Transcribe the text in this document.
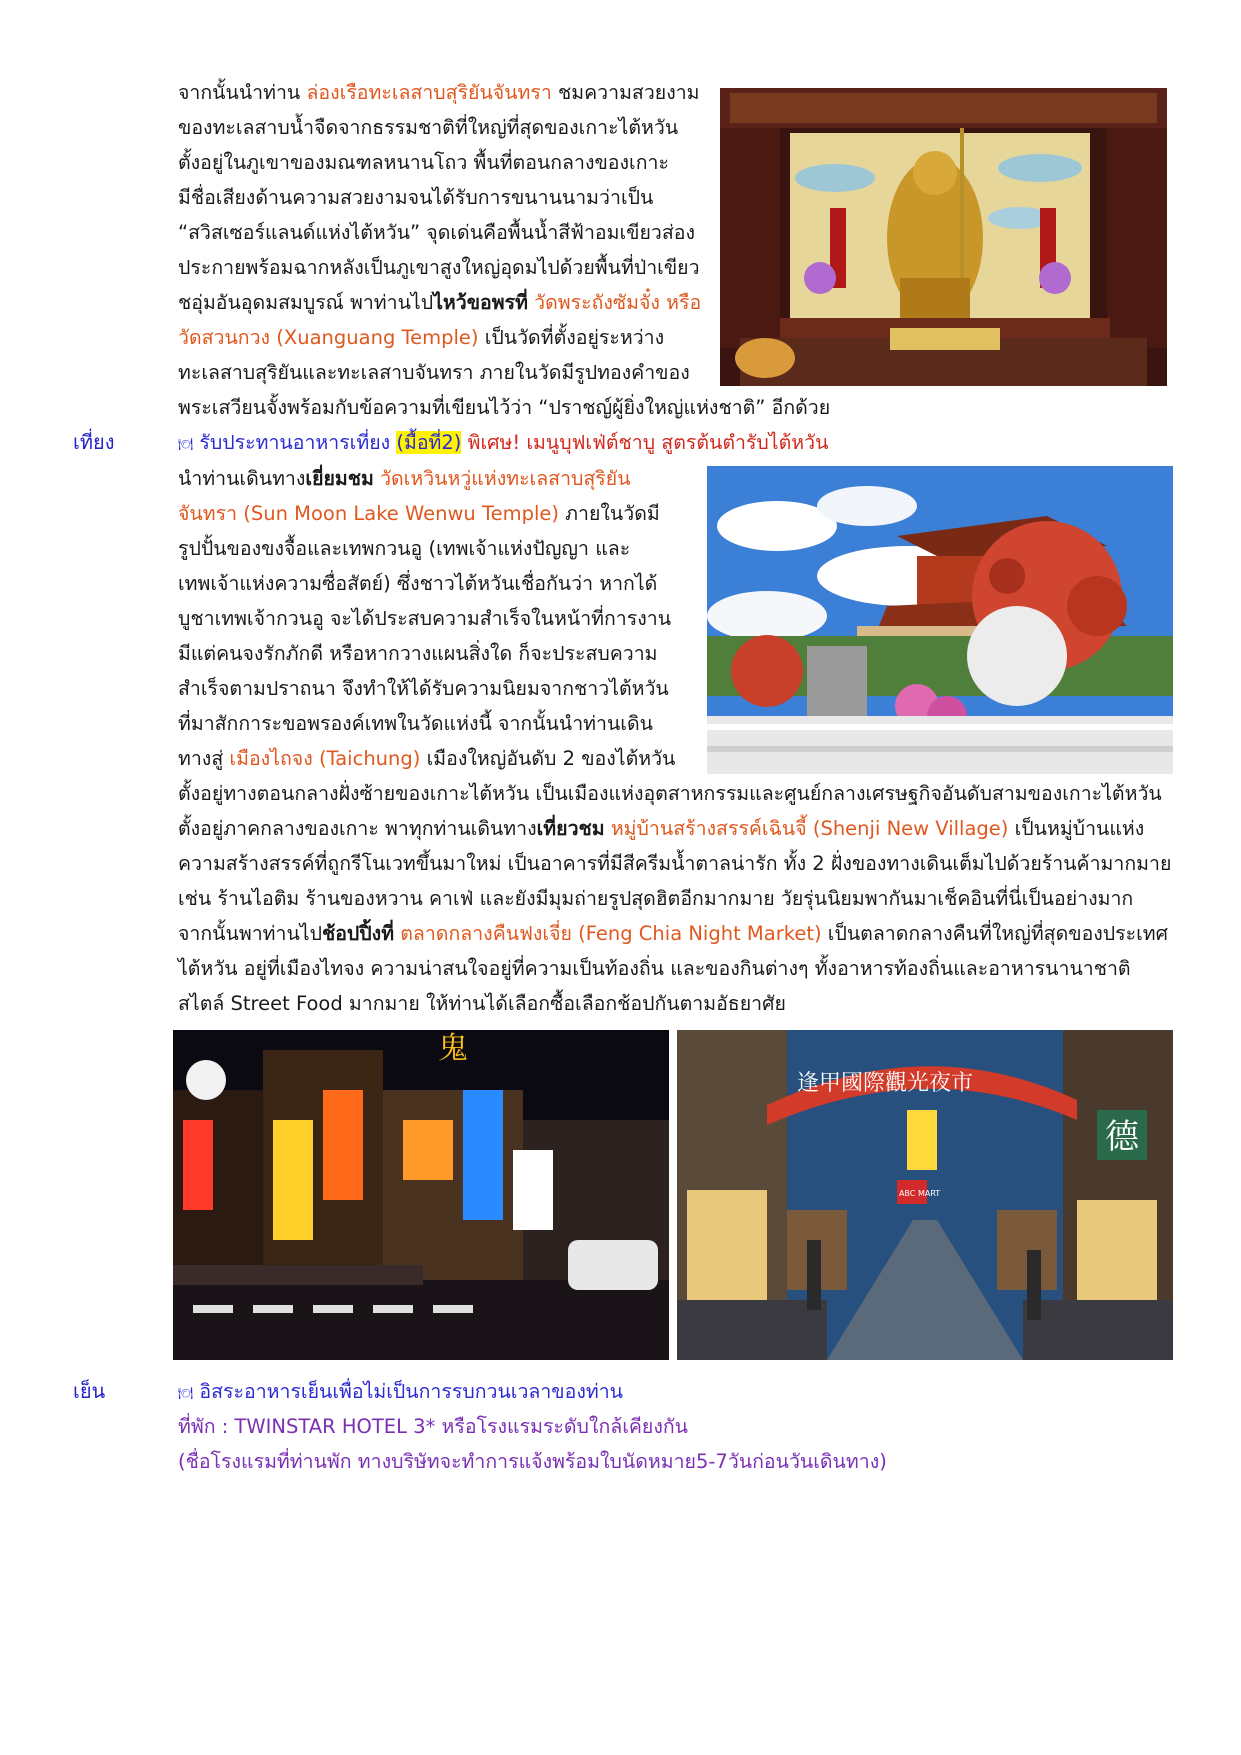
鬼
逢甲國際觀光夜市
ABC MART
德
จากนั้นนำท่าน ล่องเรือทะเลสาบสุริยันจันทรา ชมความสวยงามของทะเลสาบน้ำจืดจากธรรมชาติที่ใหญ่ที่สุดของเกาะไต้หวัน ตั้งอยู่ในภูเขาของมณฑลหนานโถว พื้นที่ตอนกลางของเกาะ มีชื่อเสียงด้านความสวยงามจนได้รับการขนานนามว่าเป็น “สวิสเซอร์แลนด์แห่งไต้หวัน” จุดเด่นคือพื้นน้ำสีฟ้าอมเขียวส่องประกายพร้อมฉากหลังเป็นภูเขาสูงใหญ่อุดมไปด้วยพื้นที่ป่าเขียวชอุ่มอันอุดมสมบูรณ์ พาท่านไปไหว้ขอพรที่ วัดพระถังซัมจั๋ง หรือ วัดสวนกวง (Xuanguang Temple) เป็นวัดที่ตั้งอยู่ระหว่างทะเลสาบสุริยันและทะเลสาบจันทรา ภายในวัดมีรูปทองคำของพระเสวียนจั้งพร้อมกับข้อความที่เขียนไว้ว่า “ปราชญ์ผู้ยิ่งใหญ่แห่งชาติ” อีกด้วย
เที่ยง	🍽 รับประทานอาหารเที่ยง (มื้อที่2) พิเศษ! เมนูบุฟเฟ่ต์ชาบู สูตรต้นตำรับไต้หวัน
นำท่านเดินทางเยี่ยมชม วัดเหวินหวู่แห่งทะเลสาบสุริยันจันทรา (Sun Moon Lake Wenwu Temple) ภายในวัดมีรูปปั้นของขงจื้อและเทพกวนอู (เทพเจ้าแห่งปัญญา และเทพเจ้าแห่งความซื่อสัตย์) ซึ่งชาวไต้หวันเชื่อกันว่า หากได้บูชาเทพเจ้ากวนอู จะได้ประสบความสำเร็จในหน้าที่การงาน มีแต่คนจงรักภักดี หรือหากวางแผนสิ่งใด ก็จะประสบความสำเร็จตามปราถนา จึงทำให้ได้รับความนิยมจากชาวไต้หวัน ที่มาสักการะขอพรองค์เทพในวัดแห่งนี้ จากนั้นนำท่านเดินทางสู่ เมืองไถจง (Taichung) เมืองใหญ่อันดับ 2 ของไต้หวัน ตั้งอยู่ทางตอนกลางฝั่งซ้ายของเกาะไต้หวัน เป็นเมืองแห่งอุตสาหกรรมและศูนย์กลางเศรษฐกิจอันดับสามของเกาะไต้หวัน ตั้งอยู่ภาคกลางของเกาะ พาทุกท่านเดินทางเที่ยวชม หมู่บ้านสร้างสรรค์เฉินจี้ (Shenji New Village) เป็นหมู่บ้านแห่งความสร้างสรรค์ที่ถูกรีโนเวทขึ้นมาใหม่ เป็นอาคารที่มีสีครีมน้ำตาลน่ารัก ทั้ง 2 ฝั่งของทางเดินเต็มไปด้วยร้านค้ามากมาย เช่น ร้านไอติม ร้านของหวาน คาเฟ่ และยังมีมุมถ่ายรูปสุดฮิตอีกมากมาย วัยรุ่นนิยมพากันมาเช็คอินที่นี่เป็นอย่างมาก จากนั้นพาท่านไปช้อปปิ้งที่ ตลาดกลางคืนฟงเจี่ย (Feng Chia Night Market) เป็นตลาดกลางคืนที่ใหญ่ที่สุดของประเทศไต้หวัน อยู่ที่เมืองไทจง ความน่าสนใจอยู่ที่ความเป็นท้องถิ่น และของกินต่างๆ ทั้งอาหารท้องถิ่นและอาหารนานาชาติสไตล์ Street Food มากมาย ให้ท่านได้เลือกซื้อเลือกช้อปกันตามอัธยาศัย
เย็น	🍽 อิสระอาหารเย็นเพื่อไม่เป็นการรบกวนเวลาของท่าน
ที่พัก : TWINSTAR HOTEL 3* หรือโรงแรมระดับใกล้เคียงกัน
(ชื่อโรงแรมที่ท่านพัก ทางบริษัทจะทำการแจ้งพร้อมใบนัดหมาย5-7วันก่อนวันเดินทาง)
